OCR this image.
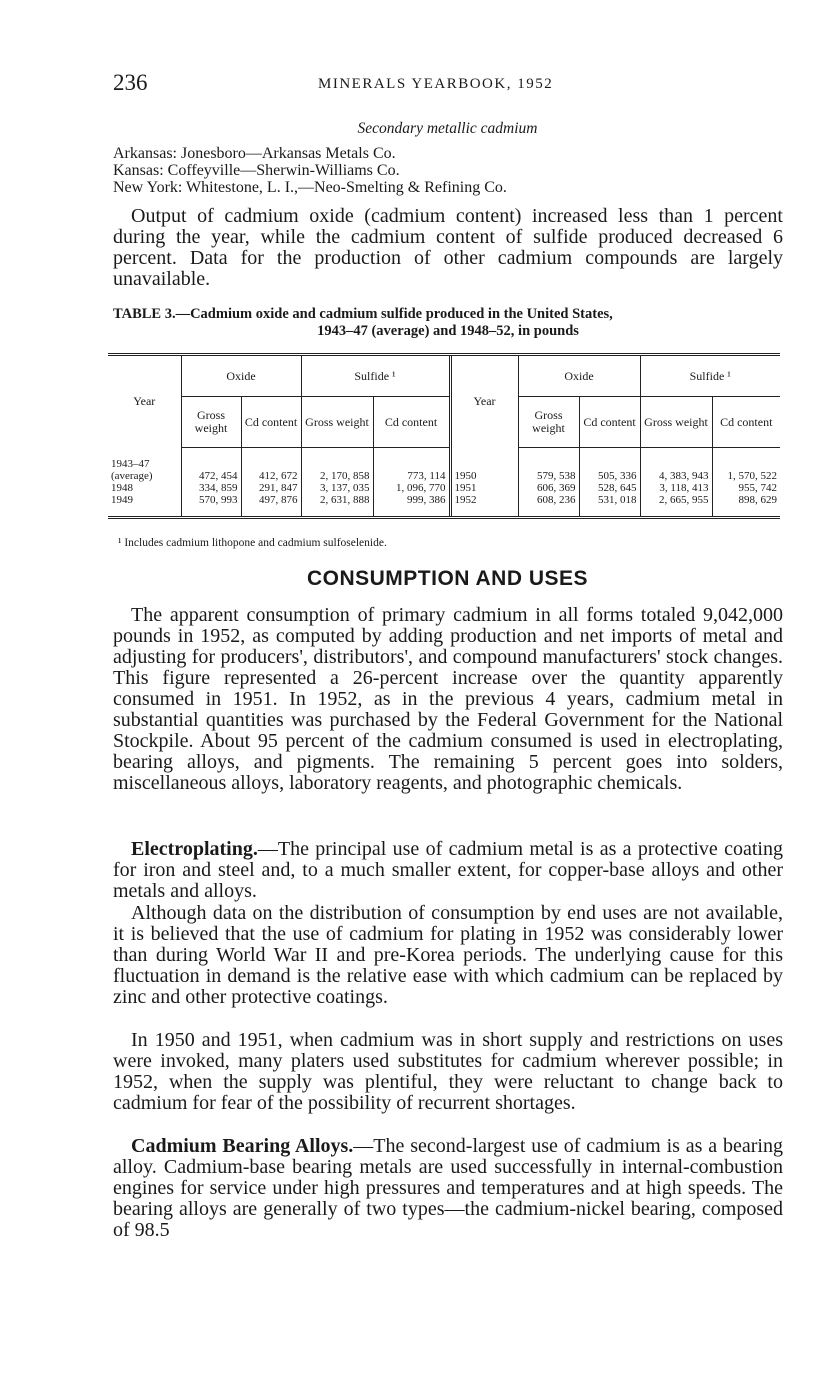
236	MINERALS YEARBOOK, 1952
Secondary metallic cadmium
Arkansas: Jonesboro—Arkansas Metals Co.
Kansas: Coffeyville—Sherwin-Williams Co.
New York: Whitestone, L. I.,—Neo-Smelting & Refining Co.
Output of cadmium oxide (cadmium content) increased less than 1 percent during the year, while the cadmium content of sulfide produced decreased 6 percent. Data for the production of other cadmium compounds are largely unavailable.
TABLE 3.—Cadmium oxide and cadmium sulfide produced in the United States,
1943–47 (average) and 1948–52, in pounds
Year	Oxide		Sulfide ¹		Year	Oxide		Sulfide ¹	
	Gross weight	Cd content	Gross weight	Cd content		Gross weight	Cd content	Gross weight	Cd content

1943–47 (average)	472, 454	412, 672	2, 170, 858	773, 114	1950	579, 538	505, 336	4, 383, 943	1, 570, 522
1948	334, 859	291, 847	3, 137, 035	1, 096, 770	1951	606, 369	528, 645	3, 118, 413	955, 742
1949	570, 993	497, 876	2, 631, 888	999, 386	1952	608, 236	531, 018	2, 665, 955	898, 629
¹ Includes cadmium lithopone and cadmium sulfoselenide.
CONSUMPTION AND USES
The apparent consumption of primary cadmium in all forms totaled 9,042,000 pounds in 1952, as computed by adding production and net imports of metal and adjusting for producers', distributors', and compound manufacturers' stock changes. This figure represented a 26-percent increase over the quantity apparently consumed in 1951. In 1952, as in the previous 4 years, cadmium metal in substantial quantities was purchased by the Federal Government for the National Stockpile. About 95 percent of the cadmium consumed is used in electroplating, bearing alloys, and pigments. The remaining 5 percent goes into solders, miscellaneous alloys, laboratory reagents, and photographic chemicals.
Electroplating.—The principal use of cadmium metal is as a protective coating for iron and steel and, to a much smaller extent, for copper-base alloys and other metals and alloys.
Although data on the distribution of consumption by end uses are not available, it is believed that the use of cadmium for plating in 1952 was considerably lower than during World War II and pre-Korea periods. The underlying cause for this fluctuation in demand is the relative ease with which cadmium can be replaced by zinc and other protective coatings.
In 1950 and 1951, when cadmium was in short supply and restrictions on uses were invoked, many platers used substitutes for cadmium wherever possible; in 1952, when the supply was plentiful, they were reluctant to change back to cadmium for fear of the possibility of recurrent shortages.
Cadmium Bearing Alloys.—The second-largest use of cadmium is as a bearing alloy. Cadmium-base bearing metals are used successfully in internal-combustion engines for service under high pressures and temperatures and at high speeds. The bearing alloys are generally of two types—the cadmium-nickel bearing, composed of 98.5
